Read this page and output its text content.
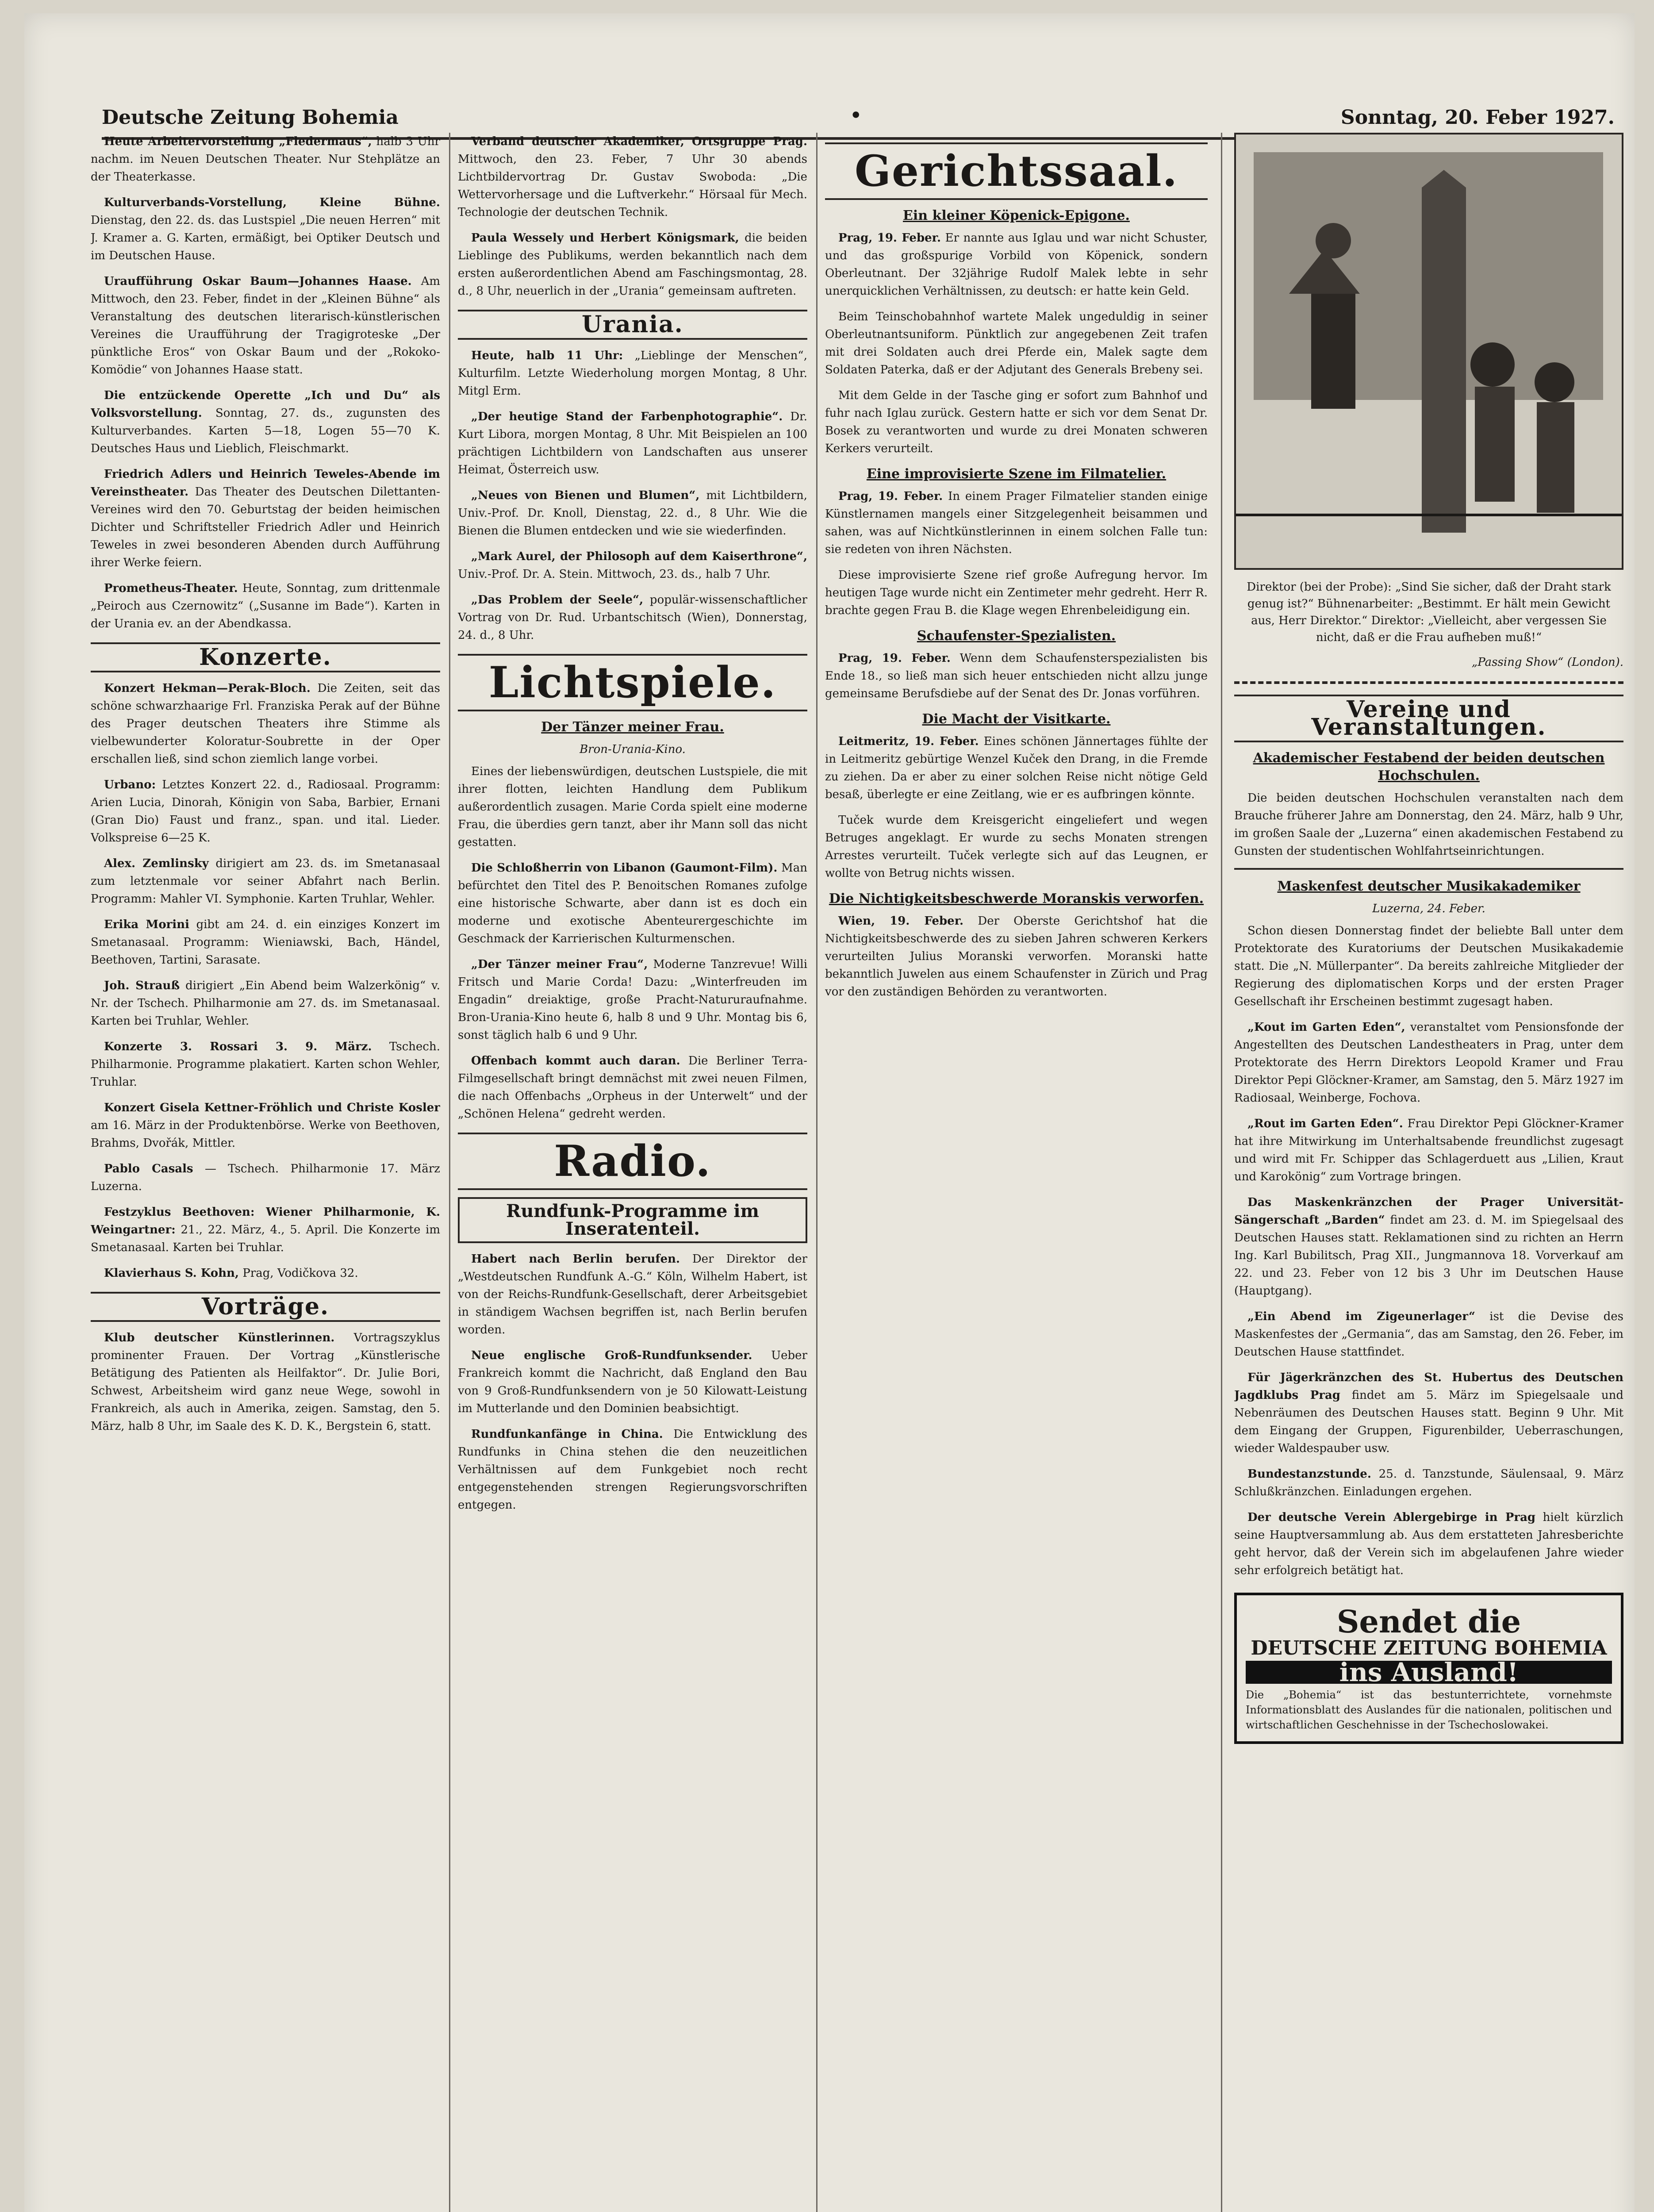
Deutsche Zeitung Bohemia	•	Sonntag, 20. Feber 1927.

Heute Arbeitervorstellung „Fledermaus“, halb 3 Uhr nachm. im Neuen Deutschen Theater. Nur Stehplätze an der Theaterkasse.

Kulturverbands-Vorstellung, Kleine Bühne. Dienstag, den 22. ds. das Lustspiel „Die neuen Herren“ mit J. Kramer a. G. Karten, ermäßigt, bei Optiker Deutsch und im Deutschen Hause.

Uraufführung Oskar Baum—Johannes Haase. Am Mittwoch, den 23. Feber, findet in der „Kleinen Bühne“ als Veranstaltung des deutschen literarisch-künstlerischen Vereines die Uraufführung der Tragigroteske „Der pünktliche Eros“ von Oskar Baum und der „Rokoko-Komödie“ von Johannes Haase statt.

Die entzückende Operette „Ich und Du“ als Volksvorstellung. Sonntag, 27. ds., zugunsten des Kulturverbandes. Karten 5—18, Logen 55—70 K. Deutsches Haus und Lieblich, Fleischmarkt.

Friedrich Adlers und Heinrich Teweles-Abende im Vereinstheater. Das Theater des Deutschen Dilettanten-Vereines wird den 70. Geburtstag der beiden heimischen Dichter und Schriftsteller Friedrich Adler und Heinrich Teweles in zwei besonderen Abenden durch Aufführung ihrer Werke feiern.

Prometheus-Theater. Heute, Sonntag, zum drittenmale „Peiroch aus Czernowitz“ („Susanne im Bade“). Karten in der Urania ev. an der Abendkassa.

Konzerte.

Konzert Hekman—Perak-Bloch. Die Zeiten, seit das schöne schwarzhaarige Frl. Franziska Perak auf der Bühne des Prager deutschen Theaters ihre Stimme als vielbewunderter Koloratur-Soubrette in der Oper erschallen ließ, sind schon ziemlich lange vorbei.

Urbano: Letztes Konzert 22. d., Radiosaal. Programm: Arien Lucia, Dinorah, Königin von Saba, Barbier, Ernani (Gran Dio) Faust und franz., span. und ital. Lieder. Volkspreise 6—25 K.

Alex. Zemlinsky dirigiert am 23. ds. im Smetanasaal zum letztenmale vor seiner Abfahrt nach Berlin. Programm: Mahler VI. Symphonie. Karten Truhlar, Wehler.

Erika Morini gibt am 24. d. ein einziges Konzert im Smetanasaal. Programm: Wieniawski, Bach, Händel, Beethoven, Tartini, Sarasate.

Joh. Strauß dirigiert „Ein Abend beim Walzerkönig“ v. Nr. der Tschech. Philharmonie am 27. ds. im Smetanasaal. Karten bei Truhlar, Wehler.

Konzerte 3. Rossari 3. 9. März. Tschech. Philharmonie. Programme plakatiert. Karten schon Wehler, Truhlar.

Konzert Gisela Kettner-Fröhlich und Christe Kosler am 16. März in der Produktenbörse. Werke von Beethoven, Brahms, Dvořák, Mittler.

Pablo Casals — Tschech. Philharmonie 17. März Luzerna.

Festzyklus Beethoven: Wiener Philharmonie, K. Weingartner: 21., 22. März, 4., 5. April. Die Konzerte im Smetanasaal. Karten bei Truhlar.

Klavierhaus S. Kohn, Prag, Vodičkova 32.

Vorträge.

Klub deutscher Künstlerinnen. Vortragszyklus prominenter Frauen. Der Vortrag „Künstlerische Betätigung des Patienten als Heilfaktor“. Dr. Julie Bori, Schwest, Arbeitsheim wird ganz neue Wege, sowohl in Frankreich, als auch in Amerika, zeigen. Samstag, den 5. März, halb 8 Uhr, im Saale des K. D. K., Bergstein 6, statt.

Verband deutscher Akademiker, Ortsgruppe Prag. Mittwoch, den 23. Feber, 7 Uhr 30 abends Lichtbildervortrag Dr. Gustav Swoboda: „Die Wettervorhersage und die Luftverkehr.“ Hörsaal für Mech. Technologie der deutschen Technik.

Paula Wessely und Herbert Königsmark, die beiden Lieblinge des Publikums, werden bekanntlich nach dem ersten außerordentlichen Abend am Faschingsmontag, 28. d., 8 Uhr, neuerlich in der „Urania“ gemeinsam auftreten.

Urania.

Heute, halb 11 Uhr: „Lieblinge der Menschen“, Kulturfilm. Letzte Wiederholung morgen Montag, 8 Uhr. Mitgl Erm.

„Der heutige Stand der Farbenphotographie“. Dr. Kurt Libora, morgen Montag, 8 Uhr. Mit Beispielen an 100 prächtigen Lichtbildern von Landschaften aus unserer Heimat, Österreich usw.

„Neues von Bienen und Blumen“, mit Lichtbildern, Univ.-Prof. Dr. Knoll, Dienstag, 22. d., 8 Uhr. Wie die Bienen die Blumen entdecken und wie sie wiederfinden.

„Mark Aurel, der Philosoph auf dem Kaiserthrone“, Univ.-Prof. Dr. A. Stein. Mittwoch, 23. ds., halb 7 Uhr.

„Das Problem der Seele“, populär-wissenschaftlicher Vortrag von Dr. Rud. Urbantschitsch (Wien), Donnerstag, 24. d., 8 Uhr.

Lichtspiele.
Der Tänzer meiner Frau.
Bron-Urania-Kino.

Eines der liebenswürdigen, deutschen Lustspiele, die mit ihrer flotten, leichten Handlung dem Publikum außerordentlich zusagen. Marie Corda spielt eine moderne Frau, die überdies gern tanzt, aber ihr Mann soll das nicht gestatten.

Die Schloßherrin von Libanon (Gaumont-Film). Man befürchtet den Titel des P. Benoitschen Romanes zufolge eine historische Schwarte, aber dann ist es doch ein moderne und exotische Abenteurergeschichte im Geschmack der Karrierischen Kulturmenschen.

„Der Tänzer meiner Frau“, Moderne Tanzrevue! Willi Fritsch und Marie Corda! Dazu: „Winterfreuden im Engadin“ dreiaktige, große Pracht-Natururaufnahme. Bron-Urania-Kino heute 6, halb 8 und 9 Uhr. Montag bis 6, sonst täglich halb 6 und 9 Uhr.

Offenbach kommt auch daran. Die Berliner Terra-Filmgesellschaft bringt demnächst mit zwei neuen Filmen, die nach Offenbachs „Orpheus in der Unterwelt“ und der „Schönen Helena“ gedreht werden.

Radio.
Rundfunk-Programme im Inseratenteil.

Habert nach Berlin berufen. Der Direktor der „Westdeutschen Rundfunk A.-G.“ Köln, Wilhelm Habert, ist von der Reichs-Rundfunk-Gesellschaft, derer Arbeitsgebiet in ständigem Wachsen begriffen ist, nach Berlin berufen worden.

Neue englische Groß-Rundfunksender. Ueber Frankreich kommt die Nachricht, daß England den Bau von 9 Groß-Rundfunksendern von je 50 Kilowatt-Leistung im Mutterlande und den Dominien beabsichtigt.

Rundfunkanfänge in China. Die Entwicklung des Rundfunks in China stehen die den neuzeitlichen Verhältnissen auf dem Funkgebiet noch recht entgegenstehenden strengen Regierungsvorschriften entgegen.

Gerichtssaal.
Ein kleiner Köpenick-Epigone.

Prag, 19. Feber. Er nannte aus Iglau und war nicht Schuster, und das großspurige Vorbild von Köpenick, sondern Oberleutnant. Der 32jährige Rudolf Malek lebte in sehr unerquicklichen Verhältnissen, zu deutsch: er hatte kein Geld.

Beim Teinschobahnhof wartete Malek ungeduldig in seiner Oberleutnantsuniform. Pünktlich zur angegebenen Zeit trafen mit drei Soldaten auch drei Pferde ein, Malek sagte dem Soldaten Paterka, daß er der Adjutant des Generals Brebeny sei.

Mit dem Gelde in der Tasche ging er sofort zum Bahnhof und fuhr nach Iglau zurück. Gestern hatte er sich vor dem Senat Dr. Bosek zu verantworten und wurde zu drei Monaten schweren Kerkers verurteilt.

Eine improvisierte Szene im Filmatelier.

Prag, 19. Feber. In einem Prager Filmatelier standen einige Künstlernamen mangels einer Sitzgelegenheit beisammen und sahen, was auf Nichtkünstlerinnen in einem solchen Falle tun: sie redeten von ihren Nächsten.

Diese improvisierte Szene rief große Aufregung hervor. Im heutigen Tage wurde nicht ein Zentimeter mehr gedreht. Herr R. brachte gegen Frau B. die Klage wegen Ehrenbeleidigung ein.

Schaufenster-Spezialisten.

Prag, 19. Feber. Wenn dem Schaufensterspezialisten bis Ende 18., so ließ man sich heuer entschieden nicht allzu junge gemeinsame Berufsdiebe auf der Senat des Dr. Jonas vorführen.

Die Macht der Visitkarte.

Leitmeritz, 19. Feber. Eines schönen Jännertages fühlte der in Leitmeritz gebürtige Wenzel Kuček den Drang, in die Fremde zu ziehen. Da er aber zu einer solchen Reise nicht nötige Geld besaß, überlegte er eine Zeitlang, wie er es aufbringen könnte.

Tuček wurde dem Kreisgericht eingeliefert und wegen Betruges angeklagt. Er wurde zu sechs Monaten strengen Arrestes verurteilt. Tuček verlegte sich auf das Leugnen, er wollte von Betrug nichts wissen.

Die Nichtigkeitsbeschwerde Moranskis verworfen.

Wien, 19. Feber. Der Oberste Gerichtshof hat die Nichtigkeitsbeschwerde des zu sieben Jahren schweren Kerkers verurteilten Julius Moranski verworfen. Moranski hatte bekanntlich Juwelen aus einem Schaufenster in Zürich und Prag vor den zuständigen Behörden zu verantworten.

Direktor (bei der Probe): „Sind Sie sicher, daß der Draht stark genug ist?“ Bühnenarbeiter: „Bestimmt. Er hält mein Gewicht aus, Herr Direktor.“ Direktor: „Vielleicht, aber vergessen Sie nicht, daß er die Frau aufheben muß!“
„Passing Show“ (London).
Vereine und Veranstaltungen.
Akademischer Festabend der beiden deutschen Hochschulen.

Die beiden deutschen Hochschulen veranstalten nach dem Brauche früherer Jahre am Donnerstag, den 24. März, halb 9 Uhr, im großen Saale der „Luzerna“ einen akademischen Festabend zu Gunsten der studentischen Wohlfahrtseinrichtungen.

Maskenfest deutscher Musikakademiker
Luzerna, 24. Feber.

Schon diesen Donnerstag findet der beliebte Ball unter dem Protektorate des Kuratoriums der Deutschen Musikakademie statt. Die „N. Müllerpanter“. Da bereits zahlreiche Mitglieder der Regierung des diplomatischen Korps und der ersten Prager Gesellschaft ihr Erscheinen bestimmt zugesagt haben.

„Kout im Garten Eden“, veranstaltet vom Pensionsfonde der Angestellten des Deutschen Landestheaters in Prag, unter dem Protektorate des Herrn Direktors Leopold Kramer und Frau Direktor Pepi Glöckner-Kramer, am Samstag, den 5. März 1927 im Radiosaal, Weinberge, Fochova.

„Rout im Garten Eden“. Frau Direktor Pepi Glöckner-Kramer hat ihre Mitwirkung im Unterhaltsabende freundlichst zugesagt und wird mit Fr. Schipper das Schlagerduett aus „Lilien, Kraut und Karokönig“ zum Vortrage bringen.

Das Maskenkränzchen der Prager Universität-Sängerschaft „Barden“ findet am 23. d. M. im Spiegelsaal des Deutschen Hauses statt. Reklamationen sind zu richten an Herrn Ing. Karl Bubilitsch, Prag XII., Jungmannova 18. Vorverkauf am 22. und 23. Feber von 12 bis 3 Uhr im Deutschen Hause (Hauptgang).

„Ein Abend im Zigeunerlager“ ist die Devise des Maskenfestes der „Germania“, das am Samstag, den 26. Feber, im Deutschen Hause stattfindet.

Für Jägerkränzchen des St. Hubertus des Deutschen Jagdklubs Prag findet am 5. März im Spiegelsaale und Nebenräumen des Deutschen Hauses statt. Beginn 9 Uhr. Mit dem Eingang der Gruppen, Figurenbilder, Ueberraschungen, wieder Waldespauber usw.

Bundestanzstunde. 25. d. Tanzstunde, Säulensaal, 9. März Schlußkränzchen. Einladungen ergehen.

Der deutsche Verein Ablergebirge in Prag hielt kürzlich seine Hauptversammlung ab. Aus dem erstatteten Jahresberichte geht hervor, daß der Verein sich im abgelaufenen Jahre wieder sehr erfolgreich betätigt hat.

Sendet die
DEUTSCHE ZEITUNG BOHEMIA
ins Ausland!
Die „Bohemia“ ist das bestunterrichtete, vornehmste Informationsblatt des Auslandes für die nationalen, politischen und wirtschaftlichen Geschehnisse in der Tschechoslowakei.
